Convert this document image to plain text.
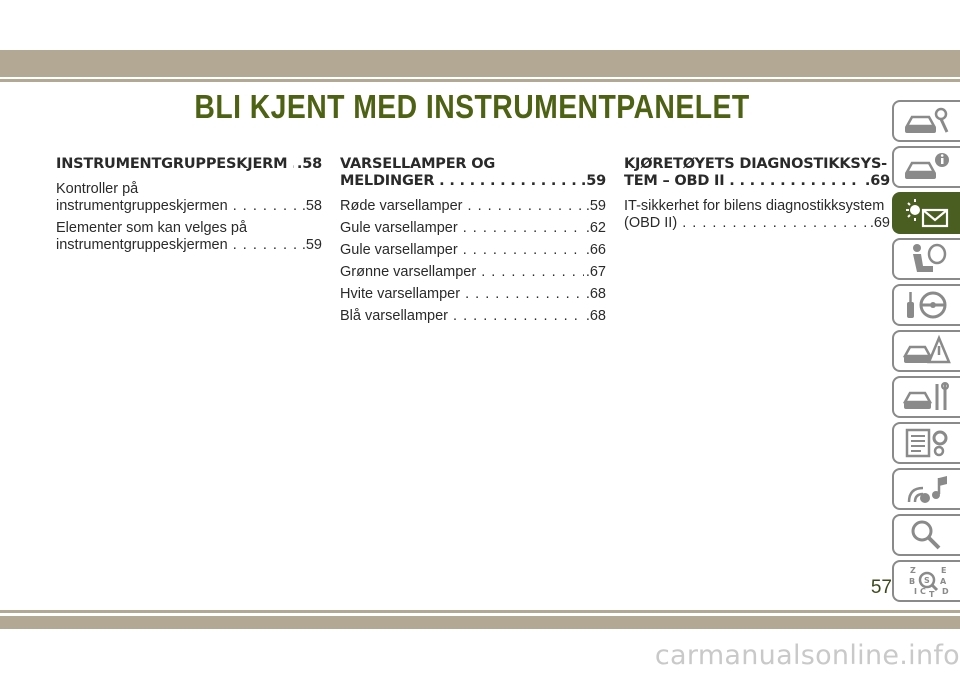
BLI KJENT MED INSTRUMENTPANELET
INSTRUMENTGRUPPESKJERM . . . .58
Kontroller på
instrumentgruppeskjermen . . .	.58
Elementer som kan velges på
instrumentgruppeskjermen . . .	.59
VARSELLAMPER OG
MELDINGER . . .	.59
Røde varsellamper . . .	.59
Gule varsellamper . . .	.62
Gule varsellamper . . .	.66
Grønne varsellamper . . .	.67
Hvite varsellamper . . .	.68
Blå varsellamper . . .	.68
KJØRETØYETS DIAGNOSTIKKSYS-
TEM – OBD II . . .	.69
IT-sikkerhet for bilens diagnostikksystem
(OBD II) . . .	.69
Z	E
B S A
I C T D
57
carmanualsonline.info
